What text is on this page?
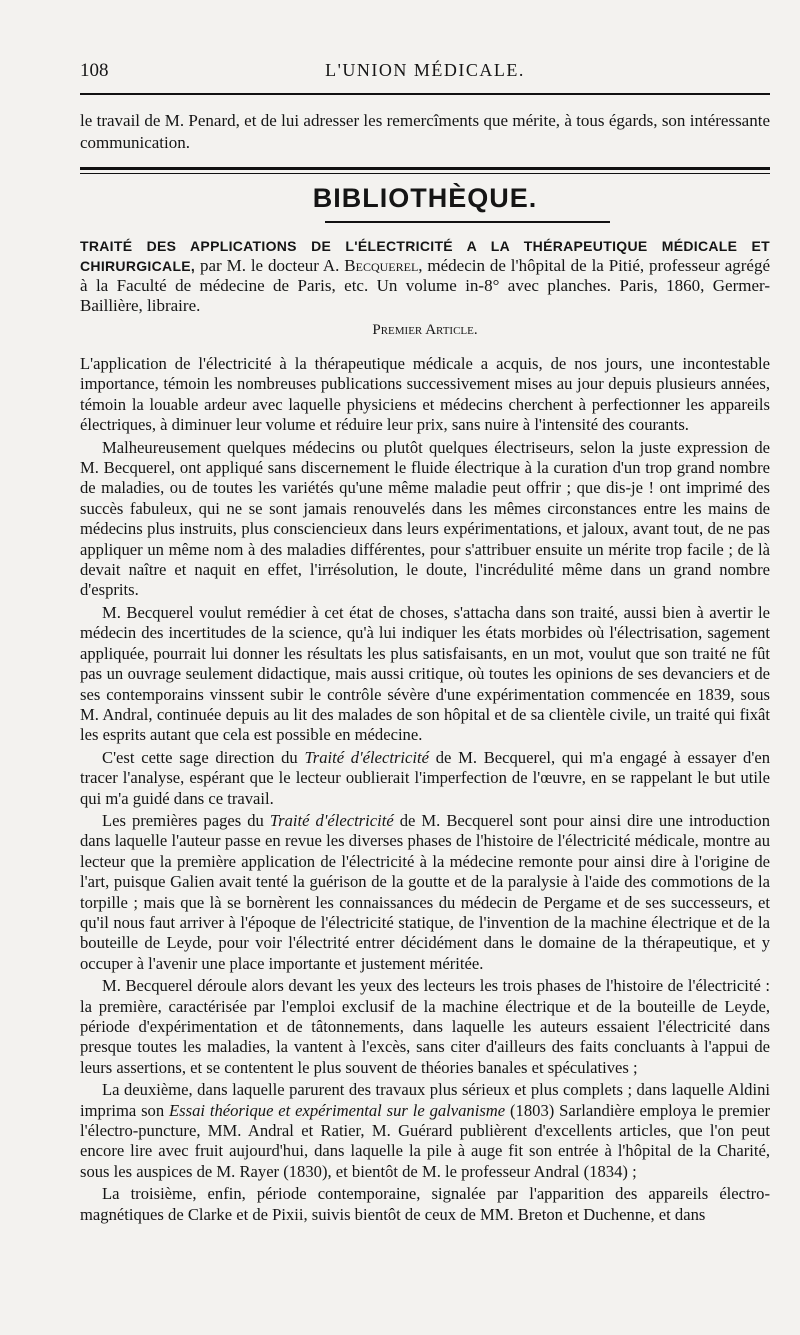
108	L'UNION MÉDICALE.
le travail de M. Penard, et de lui adresser les remercîments que mérite, à tous égards, son intéressante communication.
BIBLIOTHÈQUE.
TRAITÉ DES APPLICATIONS DE L'ÉLECTRICITÉ A LA THÉRAPEUTIQUE MÉDICALE ET CHIRURGICALE, par M. le docteur A. Becquerel, médecin de l'hôpital de la Pitié, professeur agrégé à la Faculté de médecine de Paris, etc. Un volume in-8° avec planches. Paris, 1860, Germer-Baillière, libraire.
Premier Article.

L'application de l'électricité à la thérapeutique médicale a acquis, de nos jours, une incontestable importance, témoin les nombreuses publications successivement mises au jour depuis plusieurs années, témoin la louable ardeur avec laquelle physiciens et médecins cherchent à perfectionner les appareils électriques, à diminuer leur volume et réduire leur prix, sans nuire à l'intensité des courants.

Malheureusement quelques médecins ou plutôt quelques électriseurs, selon la juste expression de M. Becquerel, ont appliqué sans discernement le fluide électrique à la curation d'un trop grand nombre de maladies, ou de toutes les variétés qu'une même maladie peut offrir ; que dis-je ! ont imprimé des succès fabuleux, qui ne se sont jamais renouvelés dans les mêmes circonstances entre les mains de médecins plus instruits, plus consciencieux dans leurs expérimentations, et jaloux, avant tout, de ne pas appliquer un même nom à des maladies différentes, pour s'attribuer ensuite un mérite trop facile ; de là devait naître et naquit en effet, l'irrésolution, le doute, l'incrédulité même dans un grand nombre d'esprits.

M. Becquerel voulut remédier à cet état de choses, s'attacha dans son traité, aussi bien à avertir le médecin des incertitudes de la science, qu'à lui indiquer les états morbides où l'électrisation, sagement appliquée, pourrait lui donner les résultats les plus satisfaisants, en un mot, voulut que son traité ne fût pas un ouvrage seulement didactique, mais aussi critique, où toutes les opinions de ses devanciers et de ses contemporains vinssent subir le contrôle sévère d'une expérimentation commencée en 1839, sous M. Andral, continuée depuis au lit des malades de son hôpital et de sa clientèle civile, un traité qui fixât les esprits autant que cela est possible en médecine.

C'est cette sage direction du Traité d'électricité de M. Becquerel, qui m'a engagé à essayer d'en tracer l'analyse, espérant que le lecteur oublierait l'imperfection de l'œuvre, en se rappelant le but utile qui m'a guidé dans ce travail.

Les premières pages du Traité d'électricité de M. Becquerel sont pour ainsi dire une introduction dans laquelle l'auteur passe en revue les diverses phases de l'histoire de l'électricité médicale, montre au lecteur que la première application de l'électricité à la médecine remonte pour ainsi dire à l'origine de l'art, puisque Galien avait tenté la guérison de la goutte et de la paralysie à l'aide des commotions de la torpille ; mais que là se bornèrent les connaissances du médecin de Pergame et de ses successeurs, et qu'il nous faut arriver à l'époque de l'électricité statique, de l'invention de la machine électrique et de la bouteille de Leyde, pour voir l'électrité entrer décidément dans le domaine de la thérapeutique, et y occuper à l'avenir une place importante et justement méritée.

M. Becquerel déroule alors devant les yeux des lecteurs les trois phases de l'histoire de l'électricité : la première, caractérisée par l'emploi exclusif de la machine électrique et de la bouteille de Leyde, période d'expérimentation et de tâtonnements, dans laquelle les auteurs essaient l'électricité dans presque toutes les maladies, la vantent à l'excès, sans citer d'ailleurs des faits concluants à l'appui de leurs assertions, et se contentent le plus souvent de théories banales et spéculatives ;

La deuxième, dans laquelle parurent des travaux plus sérieux et plus complets ; dans laquelle Aldini imprima son Essai théorique et expérimental sur le galvanisme (1803) Sarlandière employa le premier l'électro-puncture, MM. Andral et Ratier, M. Guérard publièrent d'excellents articles, que l'on peut encore lire avec fruit aujourd'hui, dans laquelle la pile à auge fit son entrée à l'hôpital de la Charité, sous les auspices de M. Rayer (1830), et bientôt de M. le professeur Andral (1834) ;

La troisième, enfin, période contemporaine, signalée par l'apparition des appareils électro-magnétiques de Clarke et de Pixii, suivis bientôt de ceux de MM. Breton et Duchenne, et dans
